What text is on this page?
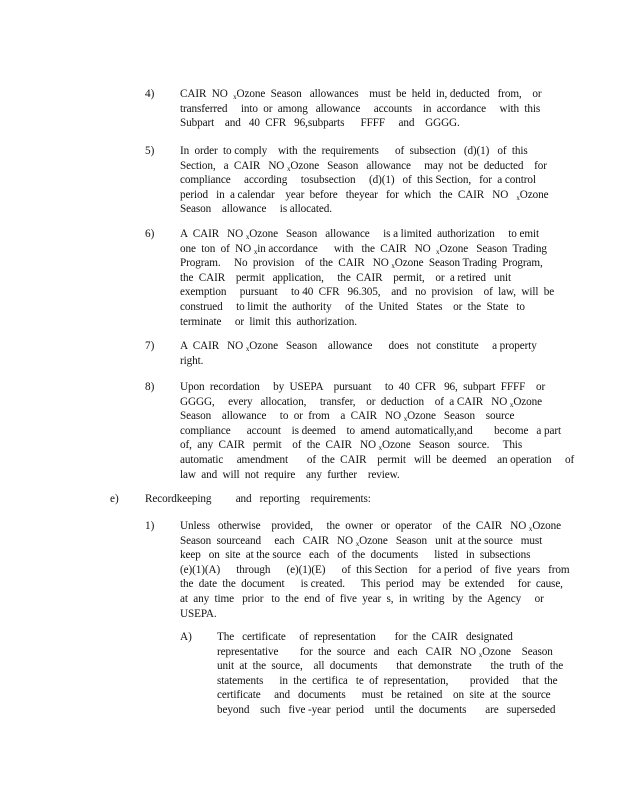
4) CAIR  NO  $_x$Ozone  Season   allowances    must  be  held  in, deducted   from,    or
transferred     into  or  among   allowance     accounts    in  accordance     with  this
Subpart    and   40  CFR   96,subparts      FFFF     and    GGGG.
5) In  order  to comply    with  the  requirements      of  subsection   (d)(1)   of  this
Section,   a  CAIR   NO $_x$Ozone   Season   allowance     may  not  be  deducted    for
compliance     according     tosubsection     (d)(1)   of  this Section,   for  a control
period   in  a calendar    year  before   theyear   for  which   the  CAIR   NO   $_x$Ozone
Season    allowance     is allocated.
6) A  CAIR   NO $_x$Ozone   Season   allowance     is a limited  authorization     to emit
one  ton  of  NO $_x$in accordance      with   the  CAIR   NO  $_x$Ozone   Season  Trading
Program.     No  provision    of  the  CAIR   NO $_x$Ozone  Season Trading  Program,
the  CAIR    permit   application,     the  CAIR    permit,    or  a retired   unit
exemption     pursuant     to 40  CFR   96.305,    and   no  provision    of  law,  will  be
construed     to limit  the  authority     of  the  United   States    or  the  State   to
terminate     or  limit  this  authorization.
7) A  CAIR   NO $_x$Ozone   Season    allowance      does   not  constitute     a property
right.
8) Upon  recordation     by  USEPA    pursuant     to  40  CFR   96,  subpart  FFFF    or
GGGG,     every   allocation,     transfer,    or  deduction    of  a CAIR   NO $_x$Ozone
Season    allowance     to  or  from    a  CAIR   NO $_x$Ozone   Season    source
compliance      account    is deemed    to  amend  automatically,and        become   a part
of,  any  CAIR   permit    of  the  CAIR   NO $_x$Ozone   Season   source.     This
automatic     amendment       of  the  CAIR    permit   will  be  deemed    an operation     of
law  and  will  not  require    any  further    review.
e) Recordkeeping         and   reporting    requirements:
1) Unless   otherwise    provided,     the  owner   or  operator    of  the  CAIR   NO $_x$Ozone
Season  sourceand     each   CAIR   NO $_x$Ozone   Season   unit  at the source   must
keep   on  site  at the source   each   of  the  documents      listed   in  subsections
(e)(1)(A)      through      (e)(1)(E)      of  this Section    for  a period   of  five  years   from
the  date  the  document      is created.      This  period   may   be  extended     for  cause,
at  any  time   prior   to  the  end  of  five  year  s,  in  writing   by  the  Agency     or
USEPA.
A) The   certificate     of  representation       for  the  CAIR   designated
representative        for  the  source   and   each   CAIR   NO $_x$Ozone    Season
unit  at  the  source,    all  documents       that  demonstrate       the  truth  of  the
statements      in  the  certifica   te  of  representation,        provided     that  the
certificate     and   documents      must   be  retained    on  site  at  the  source
beyond    such   five -year  period    until  the  documents       are   superseded
